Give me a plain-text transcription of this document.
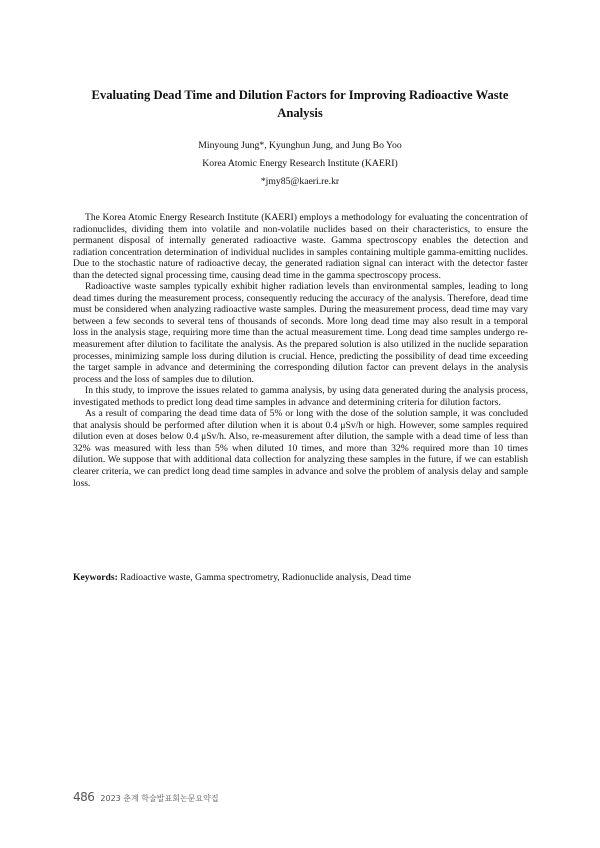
Evaluating Dead Time and Dilution Factors for Improving Radioactive Waste Analysis

Minyoung Jung*, Kyunghun Jung, and Jung Bo Yoo

Korea Atomic Energy Research Institute (KAERI)

*jmy85@kaeri.re.kr

The Korea Atomic Energy Research Institute (KAERI) employs a methodology for evaluating the concentration of radionuclides, dividing them into volatile and non-volatile nuclides based on their characteristics, to ensure the permanent disposal of internally generated radioactive waste. Gamma spectroscopy enables the detection and radiation concentration determination of individual nuclides in samples containing multiple gamma-emitting nuclides. Due to the stochastic nature of radioactive decay, the generated radiation signal can interact with the detector faster than the detected signal processing time, causing dead time in the gamma spectroscopy process.

Radioactive waste samples typically exhibit higher radiation levels than environmental samples, leading to long dead times during the measurement process, consequently reducing the accuracy of the analysis. Therefore, dead time must be considered when analyzing radioactive waste samples. During the measurement process, dead time may vary between a few seconds to several tens of thousands of seconds. More long dead time may also result in a temporal loss in the analysis stage, requiring more time than the actual measurement time. Long dead time samples undergo re-measurement after dilution to facilitate the analysis. As the prepared solution is also utilized in the nuclide separation processes, minimizing sample loss during dilution is crucial. Hence, predicting the possibility of dead time exceeding the target sample in advance and determining the corresponding dilution factor can prevent delays in the analysis process and the loss of samples due to dilution.

In this study, to improve the issues related to gamma analysis, by using data generated during the analysis process, investigated methods to predict long dead time samples in advance and determining criteria for dilution factors.

As a result of comparing the dead time data of 5% or long with the dose of the solution sample, it was concluded that analysis should be performed after dilution when it is about 0.4 μSv/h or high. However, some samples required dilution even at doses below 0.4 μSv/h. Also, re-measurement after dilution, the sample with a dead time of less than 32% was measured with less than 5% when diluted 10 times, and more than 32% required more than 10 times dilution. We suppose that with additional data collection for analyzing these samples in the future, if we can establish clearer criteria, we can predict long dead time samples in advance and solve the problem of analysis delay and sample loss.

Keywords: Radioactive waste, Gamma spectrometry, Radionuclide analysis, Dead time

486 2023 춘계 학술발표회논문요약집
